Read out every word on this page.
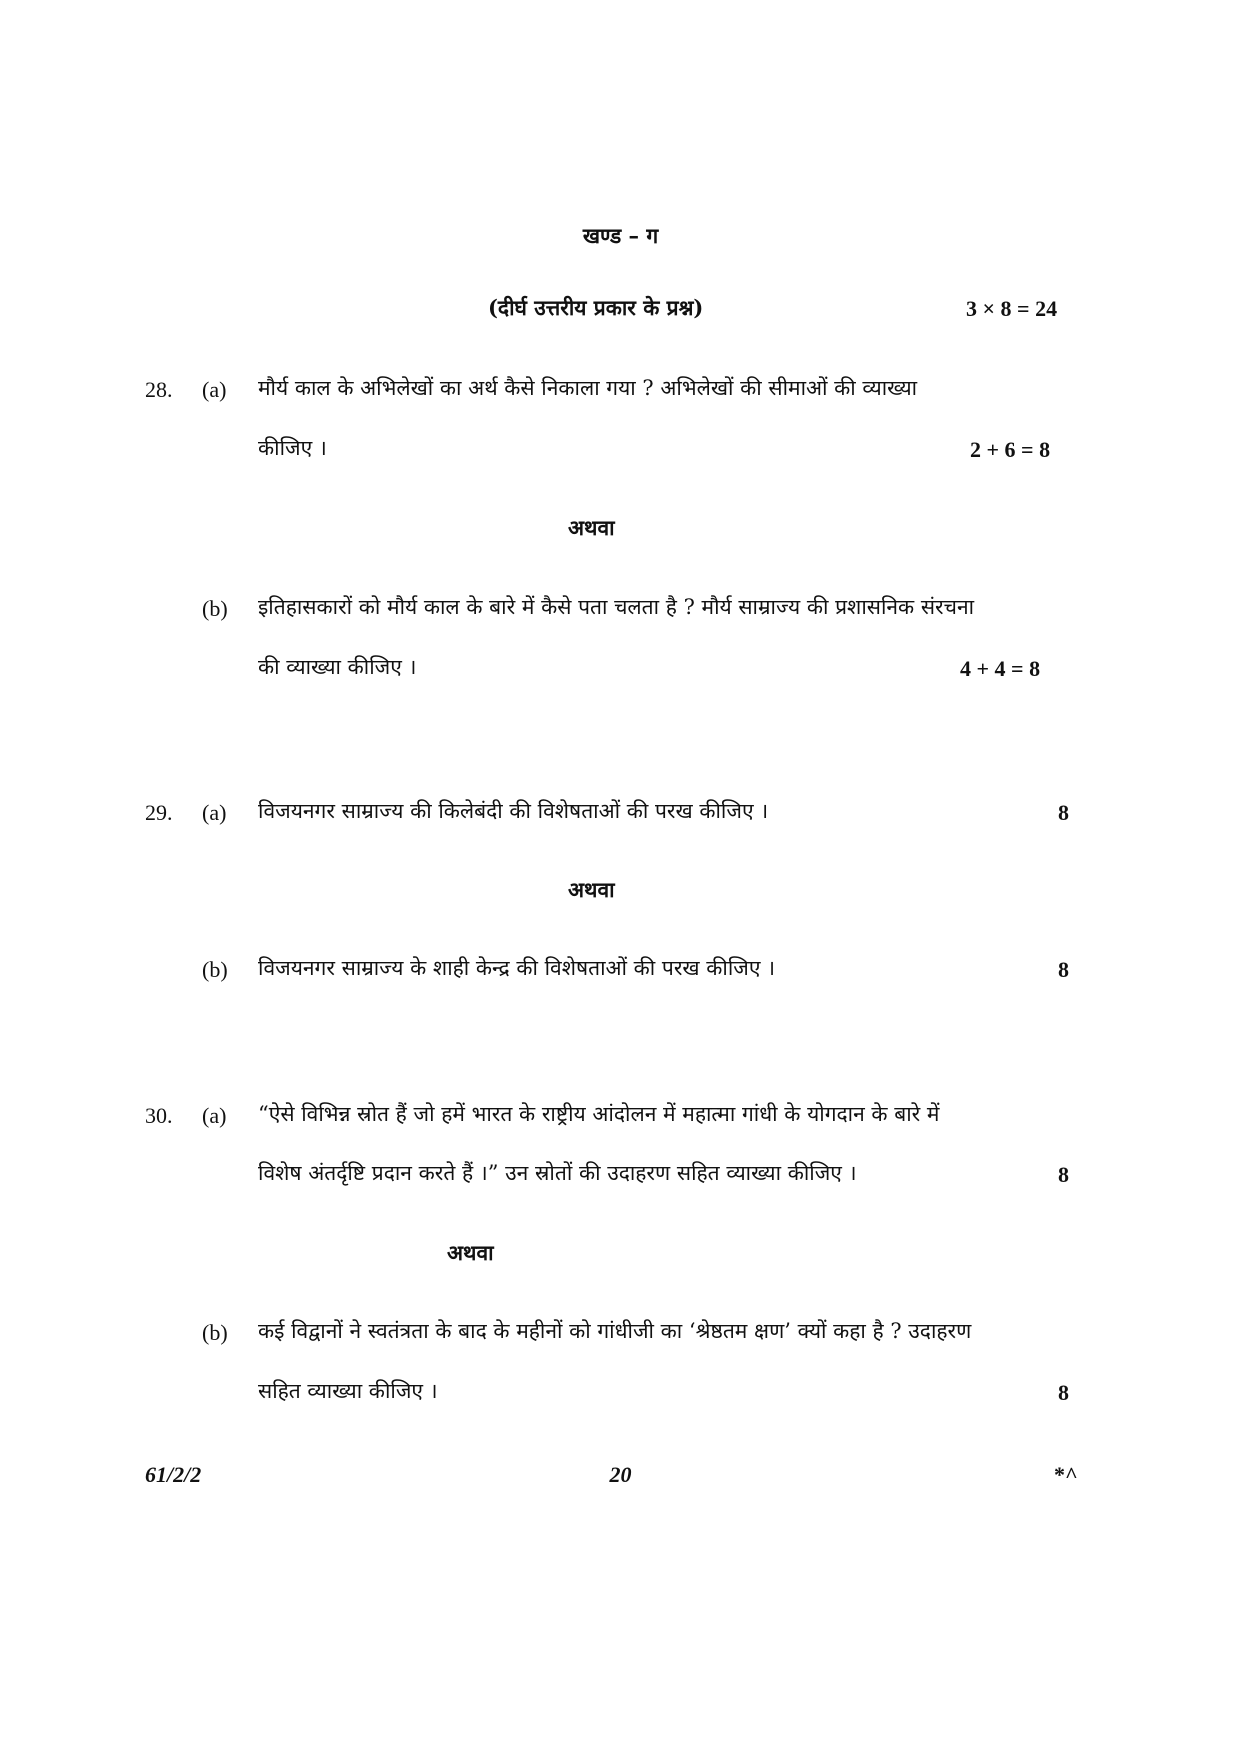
खण्ड – ग
(दीर्घ उत्तरीय प्रकार के प्रश्न)	3 × 8 = 24
28. (a) मौर्य काल के अभिलेखों का अर्थ कैसे निकाला गया ? अभिलेखों की सीमाओं की व्याख्या
कीजिए ।	2 + 6 = 8
अथवा
(b) इतिहासकारों को मौर्य काल के बारे में कैसे पता चलता है ? मौर्य साम्राज्य की प्रशासनिक संरचना
की व्याख्या कीजिए ।	4 + 4 = 8
29. (a) विजयनगर साम्राज्य की किलेबंदी की विशेषताओं की परख कीजिए ।	8
अथवा
(b) विजयनगर साम्राज्य के शाही केन्द्र की विशेषताओं की परख कीजिए ।	8
30. (a) “ऐसे विभिन्न स्रोत हैं जो हमें भारत के राष्ट्रीय आंदोलन में महात्मा गांधी के योगदान के बारे में
विशेष अंतर्दृष्टि प्रदान करते हैं ।” उन स्रोतों की उदाहरण सहित व्याख्या कीजिए ।	8
अथवा
(b) कई विद्वानों ने स्वतंत्रता के बाद के महीनों को गांधीजी का ‘श्रेष्ठतम क्षण’ क्यों कहा है ? उदाहरण
सहित व्याख्या कीजिए ।	8
61/2/2	20	*^
